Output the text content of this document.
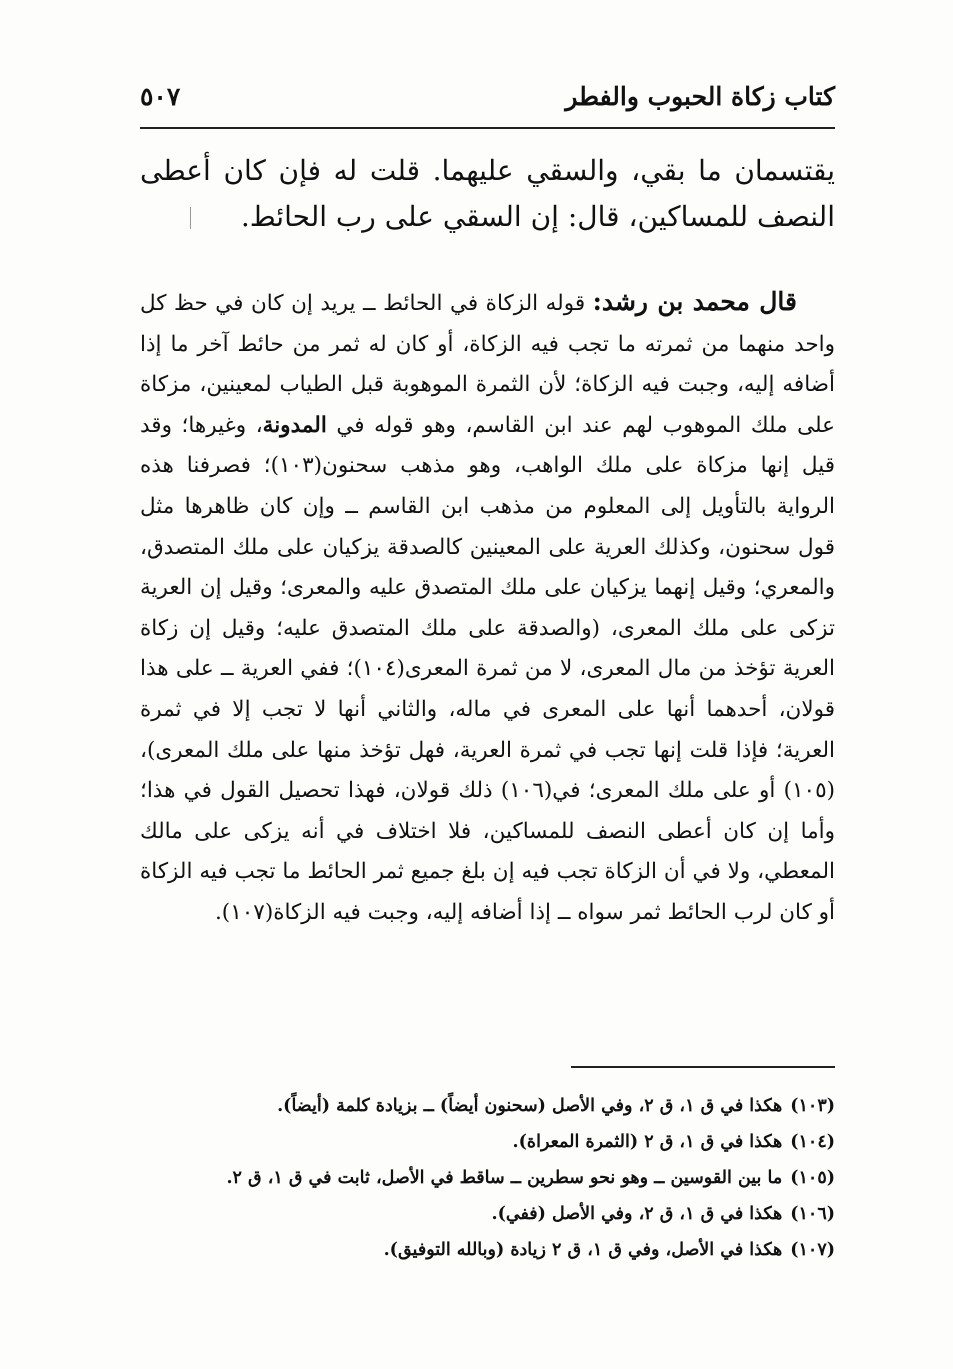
كتاب زكاة الحبوب والفطر
٥٠٧

يقتسمان ما بقي، والسقي عليهما. قلت له فإن كان أعطى النصف للمساكين، قال: إن السقي على رب الحائط.

قال محمد بن رشد: قوله الزكاة في الحائط ــ يريد إن كان في حظ كل واحد منهما من ثمرته ما تجب فيه الزكاة، أو كان له ثمر من حائط آخر ما إذا أضافه إليه، وجبت فيه الزكاة؛ لأن الثمرة الموهوبة قبل الطياب لمعينين، مزكاة على ملك الموهوب لهم عند ابن القاسم، وهو قوله في المدونة، وغيرها؛ وقد قيل إنها مزكاة على ملك الواهب، وهو مذهب سحنون(١٠٣)؛ فصرفنا هذه الرواية بالتأويل إلى المعلوم من مذهب ابن القاسم ــ وإن كان ظاهرها مثل قول سحنون، وكذلك العرية على المعينين كالصدقة يزكيان على ملك المتصدق، والمعري؛ وقيل إنهما يزكيان على ملك المتصدق عليه والمعرى؛ وقيل إن العرية تزكى على ملك المعرى، (والصدقة على ملك المتصدق عليه؛ وقيل إن زكاة العرية تؤخذ من مال المعرى، لا من ثمرة المعرى(١٠٤)؛ ففي العرية ــ على هذا قولان، أحدهما أنها على المعرى في ماله، والثاني أنها لا تجب إلا في ثمرة العرية؛ فإذا قلت إنها تجب في ثمرة العرية، فهل تؤخذ منها على ملك المعرى)، (١٠٥) أو على ملك المعرى؛ في(١٠٦) ذلك قولان، فهذا تحصيل القول في هذا؛ وأما إن كان أعطى النصف للمساكين، فلا اختلاف في أنه يزكى على مالك المعطي، ولا في أن الزكاة تجب فيه إن بلغ جميع ثمر الحائط ما تجب فيه الزكاة أو كان لرب الحائط ثمر سواه ــ إذا أضافه إليه، وجبت فيه الزكاة(١٠٧).

(١٠٣)هكذا في ق ١، ق ٢، وفي الأصل (سحنون أيضاً) ــ بزيادة كلمة (أيضاً).
(١٠٤)هكذا في ق ١، ق ٢ (الثمرة المعراة).
(١٠٥)ما بين القوسين ــ وهو نحو سطرين ــ ساقط في الأصل، ثابت في ق ١، ق ٢.
(١٠٦)هكذا في ق ١، ق ٢، وفي الأصل (ففي).
(١٠٧)هكذا في الأصل، وفي ق ١، ق ٢ زيادة (وبالله التوفيق).
